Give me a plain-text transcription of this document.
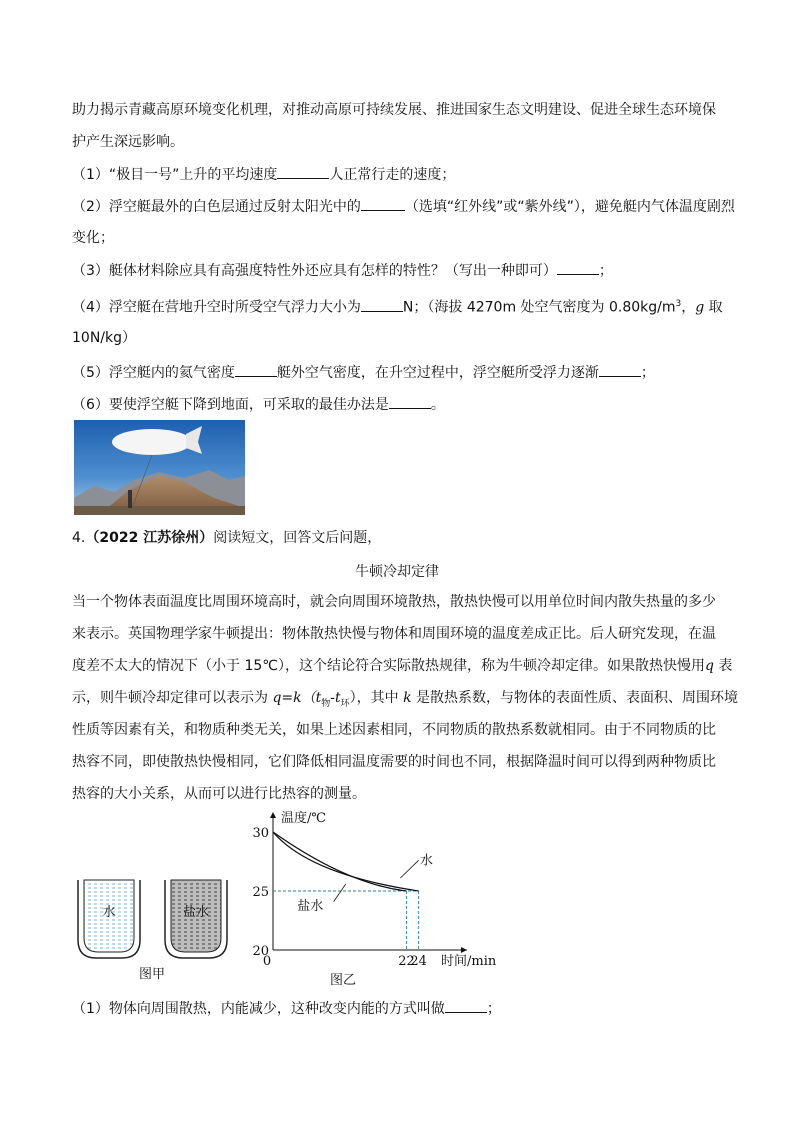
助力揭示青藏高原环境变化机理，对推动高原可持续发展、推进国家生态文明建设、促进全球生态环境保
护产生深远影响。
（1）“极目一号”上升的平均速度	人正常行走的速度；
（2）浮空艇最外的白色层通过反射太阳光中的	（选填“红外线”或“紫外线”），避免艇内气体温度剧烈
变化；
（3）艇体材料除应具有高强度特性外还应具有怎样的特性？（写出一种即可）	；
（4）浮空艇在营地升空时所受空气浮力大小为	N；（海拔 4270m 处空气密度为 $0.80kg/m^3$，g 取
10N/kg）
（5）浮空艇内的氦气密度	艇外空气密度，在升空过程中，浮空艇所受浮力逐渐	；
（6）要使浮空艇下降到地面，可采取的最佳办法是	。
4.（2022 江苏徐州）阅读短文，回答文后问题，
牛顿冷却定律
当一个物体表面温度比周围环境高时，就会向周围环境散热，散热快慢可以用单位时间内散失热量的多少
来表示。英国物理学家牛顿提出：物体散热快慢与物体和周围环境的温度差成正比。后人研究发现，在温
度差不太大的情况下（小于 15℃），这个结论符合实际散热规律，称为牛顿冷却定律。如果散热快慢用q 表
示，则牛顿冷却定律可以表示为 $q=k(t_物-t_环)$，其中 k 是散热系数，与物体的表面性质、表面积、周围环境
性质等因素有关，和物质种类无关，如果上述因素相同，不同物质的散热系数就相同。由于不同物质的比
热容不同，即使散热快慢相同，它们降低相同温度需要的时间也不同，根据降温时间可以得到两种物质比
热容的大小关系，从而可以进行比热容的测量。
水	盐水
图甲
30
25
20
0	22
24
温度/℃
时间/min
图乙
水
盐水
（1）物体向周围散热，内能减少，这种改变内能的方式叫做	；
